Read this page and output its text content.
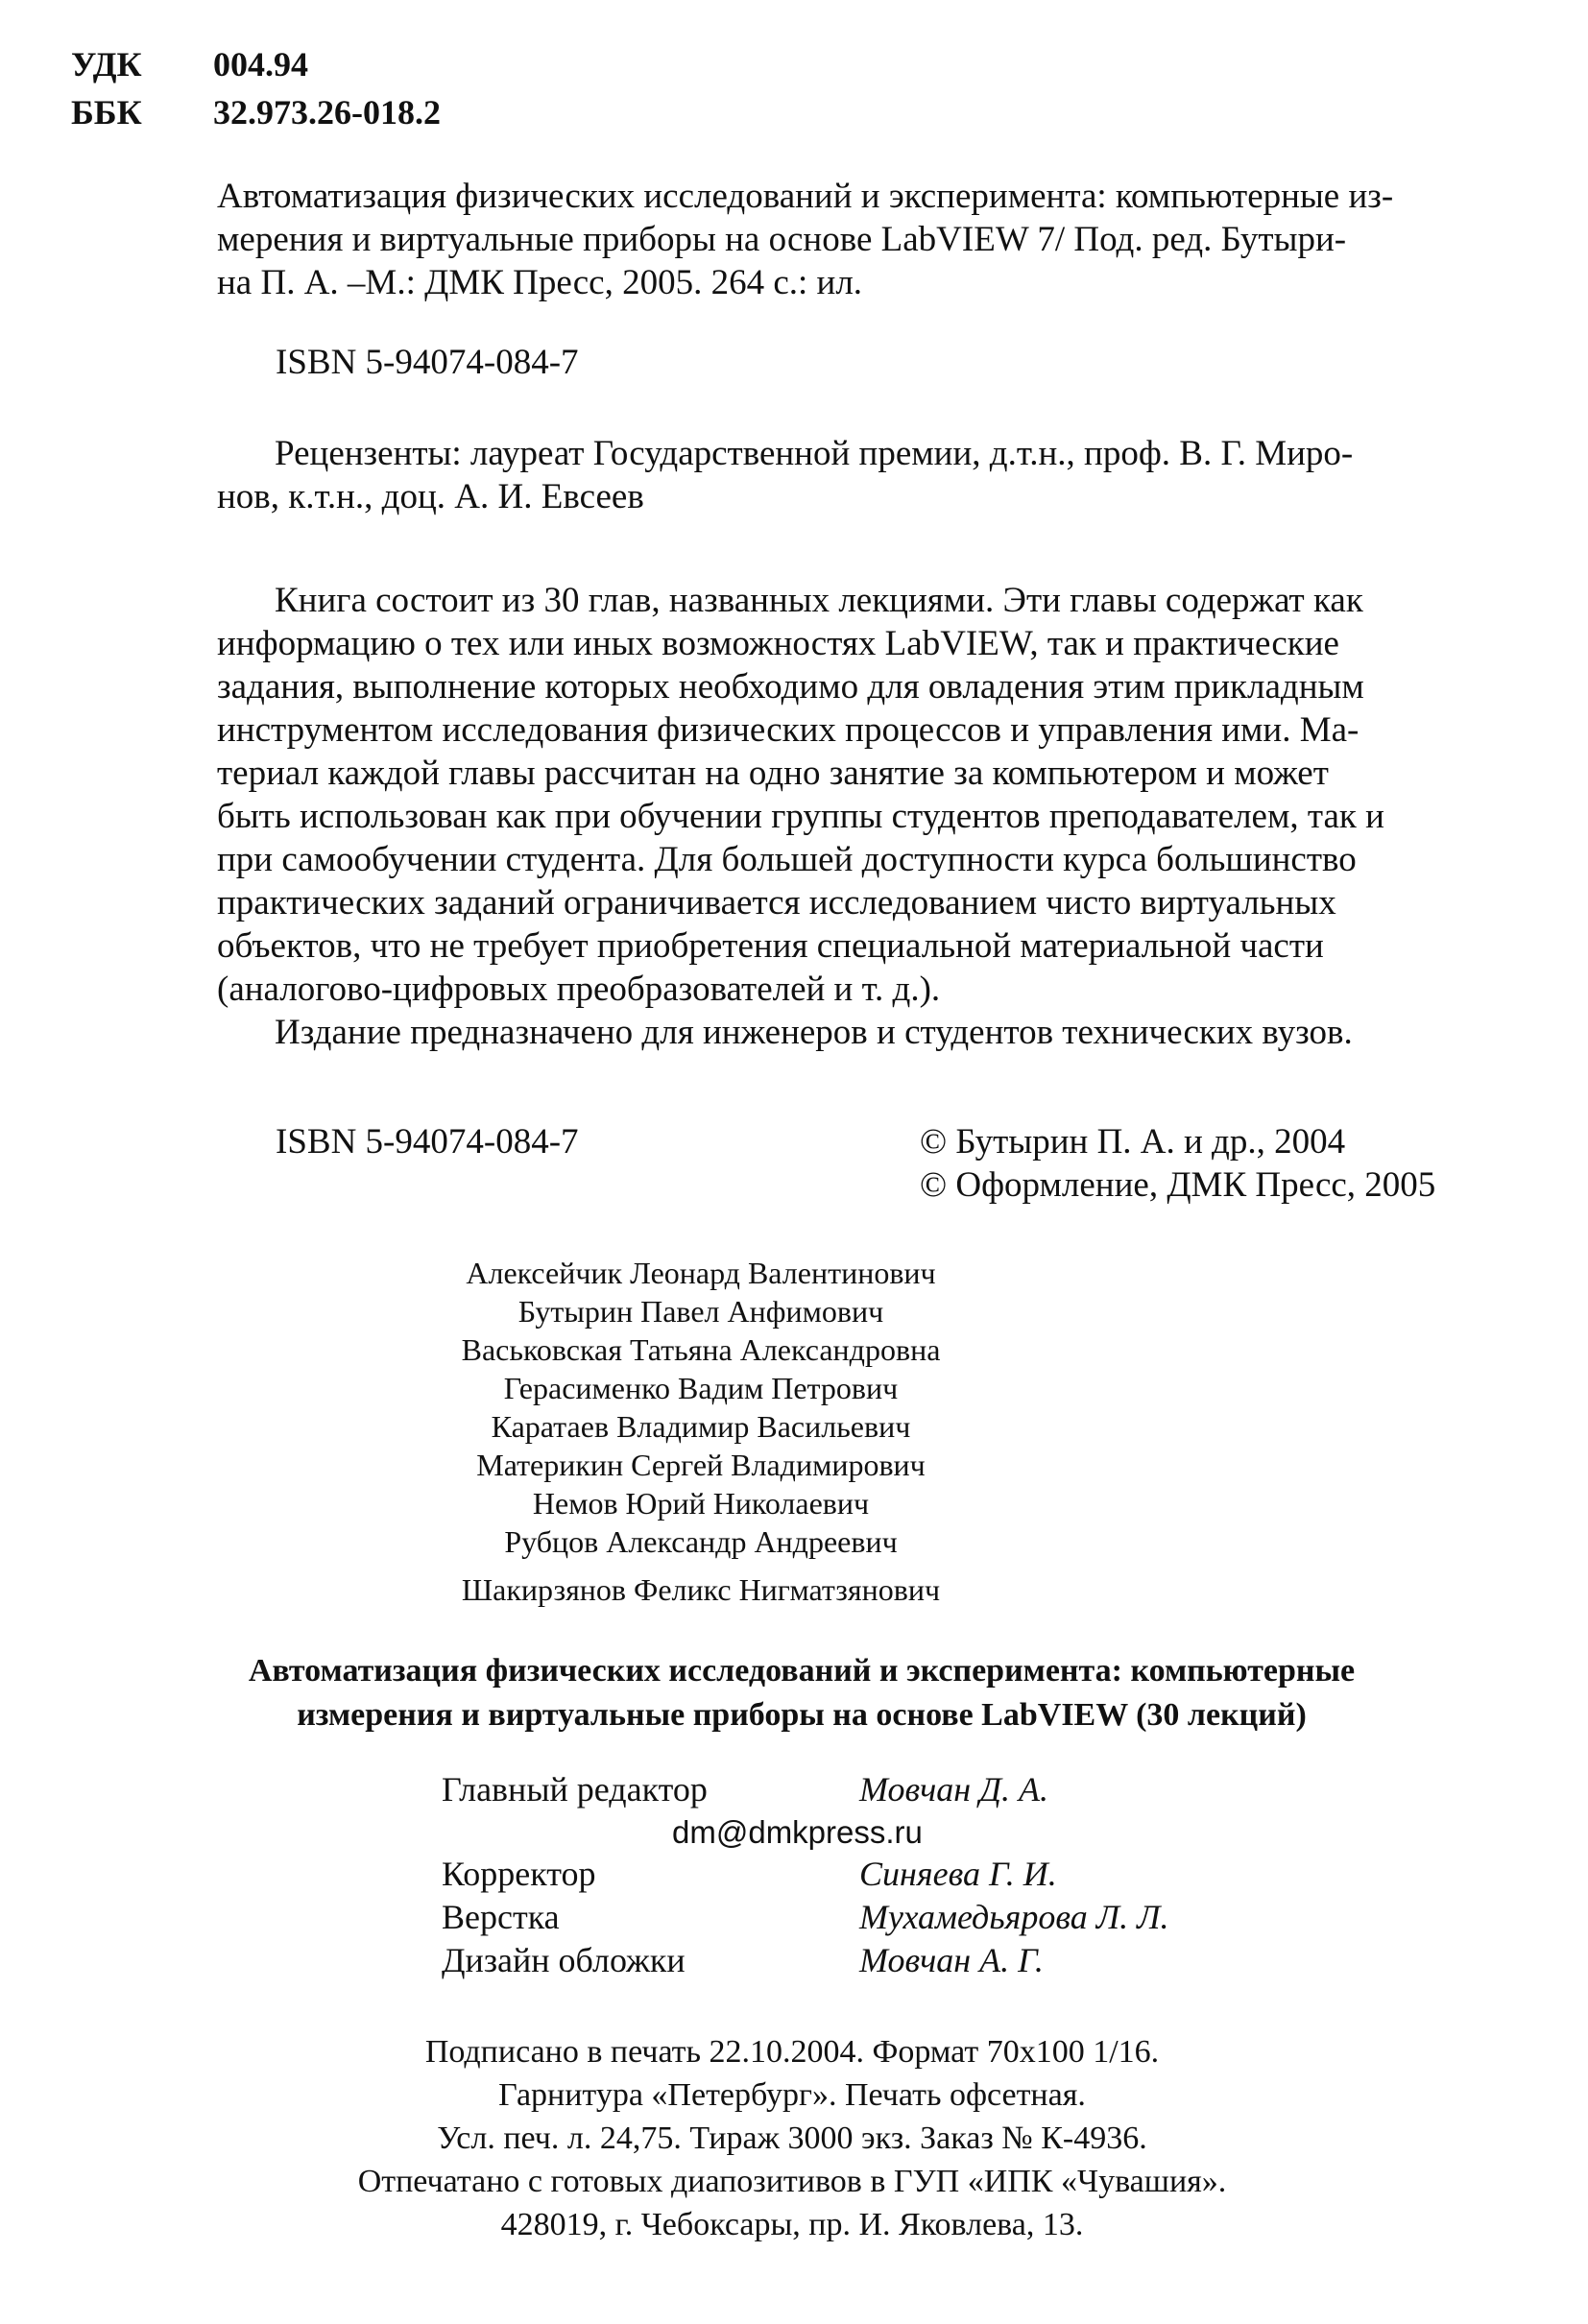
УДК 004.94
ББК 32.973.26-018.2
Автоматизация физических исследований и эксперимента: компьютерные из-
мерения и виртуальные приборы на основе LabVIEW 7/ Под. ред. Бутыри-
на П. А. –М.: ДМК Пресс, 2005. 264 с.: ил.
ISBN 5-94074-084-7
Рецензенты: лауреат Государственной премии, д.т.н., проф. В. Г. Миро-
нов, к.т.н., доц. А. И. Евсеев
Книга состоит из 30 глав, названных лекциями. Эти главы содержат как
информацию о тех или иных возможностях LabVIEW, так и практические
задания, выполнение которых необходимо для овладения этим прикладным
инструментом исследования физических процессов и управления ими. Ма-
териал каждой главы рассчитан на одно занятие за компьютером и может
быть использован как при обучении группы студентов преподавателем, так и
при самообучении студента. Для большей доступности курса большинство
практических заданий ограничивается исследованием чисто виртуальных
объектов, что не требует приобретения специальной материальной части
(аналогово-цифровых преобразователей и т. д.).
Издание предназначено для инженеров и студентов технических вузов.
ISBN 5-94074-084-7	© Бутырин П. А. и др., 2004
© Оформление, ДМК Пресс, 2005
Алексейчик Леонард Валентинович
Бутырин Павел Анфимович
Васьковская Татьяна Александровна
Герасименко Вадим Петрович
Каратаев Владимир Васильевич
Материкин Сергей Владимирович
Немов Юрий Николаевич
Рубцов Александр Андреевич
Шакирзянов Феликс Нигматзянович
Автоматизация физических исследований и эксперимента: компьютерные
измерения и виртуальные приборы на основе LabVIEW (30 лекций)
Главный редактор	Мовчан Д. А.
dm@dmkpress.ru
Корректор	Синяева Г. И.
Верстка	Мухамедьярова Л. Л.
Дизайн обложки	Мовчан А. Г.
Подписано в печать 22.10.2004. Формат 70х100 1/16.
Гарнитура «Петербург». Печать офсетная.
Усл. печ. л. 24,75. Тираж 3000 экз. Заказ № К-4936.
Отпечатано с готовых диапозитивов в ГУП «ИПК «Чувашия».
428019, г. Чебоксары, пр. И. Яковлева, 13.
